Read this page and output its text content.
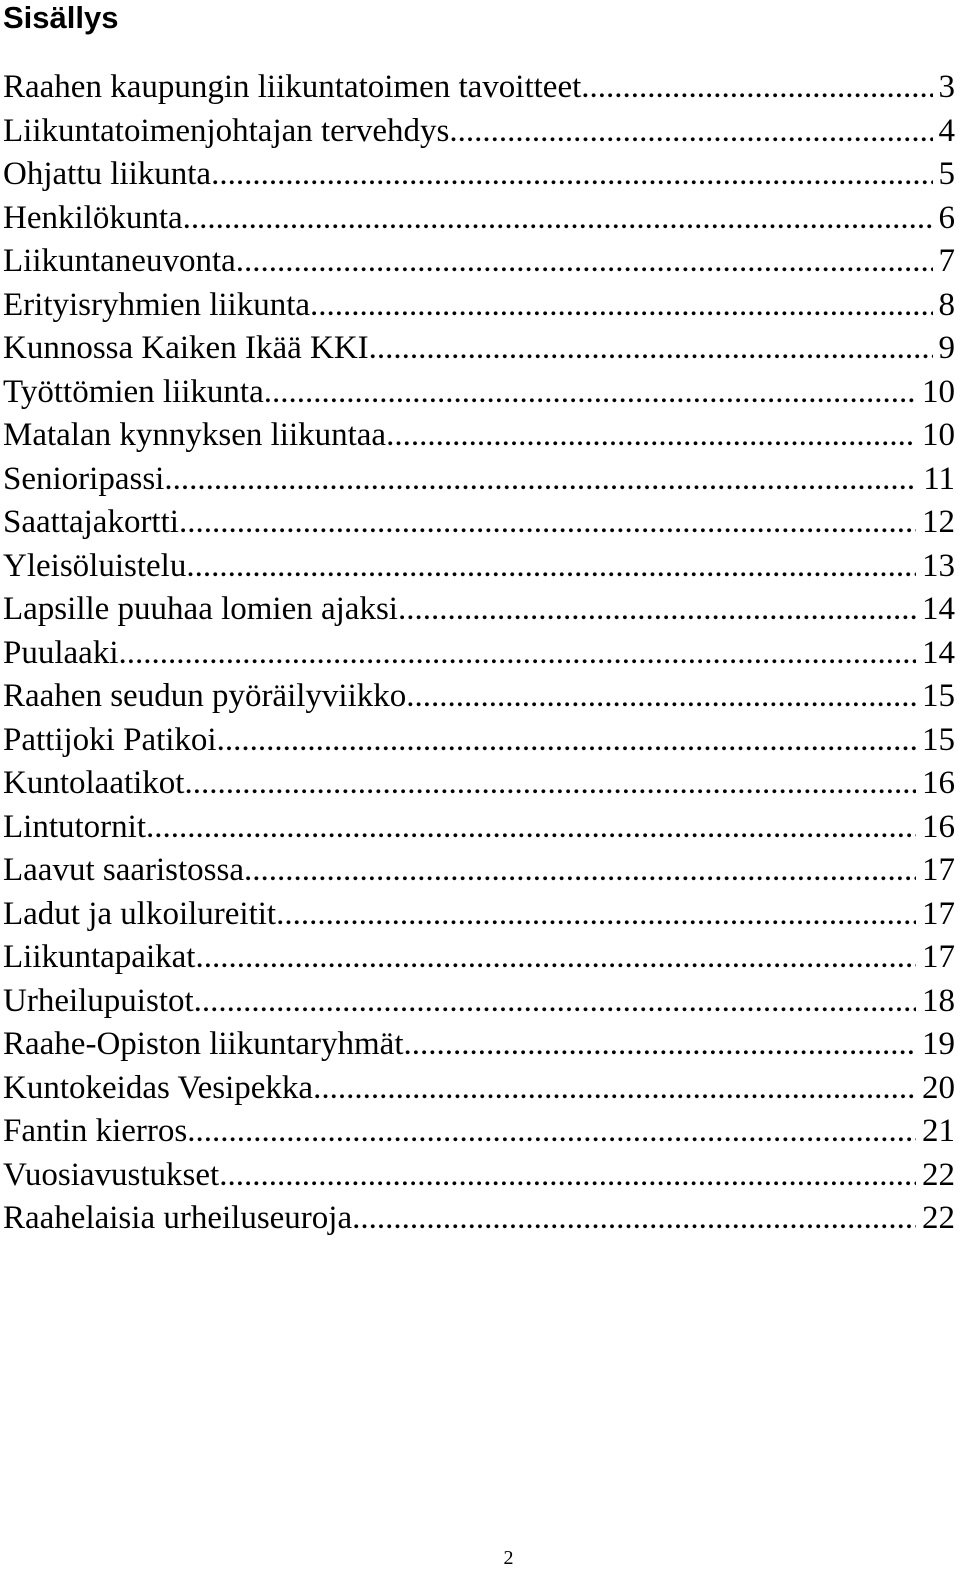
Sisällys
Raahen kaupungin liikuntatoimen tavoitteet .....	3
Liikuntatoimenjohtajan tervehdys .....	4
Ohjattu liikunta .....	5
Henkilökunta .....	6
Liikuntaneuvonta .....	7
Erityisryhmien liikunta .....	8
Kunnossa Kaiken Ikää KKI .....	9
Työttömien liikunta .....	10
Matalan kynnyksen liikuntaa .....	10
Senioripassi .....	11
Saattajakortti .....	12
Yleisöluistelu .....	13
Lapsille puuhaa lomien ajaksi .....	14
Puulaaki .....	14
Raahen seudun pyöräilyviikko .....	15
Pattijoki Patikoi .....	15
Kuntolaatikot .....	16
Lintutornit .....	16
Laavut saaristossa .....	17
Ladut ja ulkoilureitit .....	17
Liikuntapaikat .....	17
Urheilupuistot .....	18
Raahe-Opiston liikuntaryhmät .....	19
Kuntokeidas Vesipekka .....	20
Fantin kierros .....	21
Vuosiavustukset .....	22
Raahelaisia urheiluseuroja .....	22
2
